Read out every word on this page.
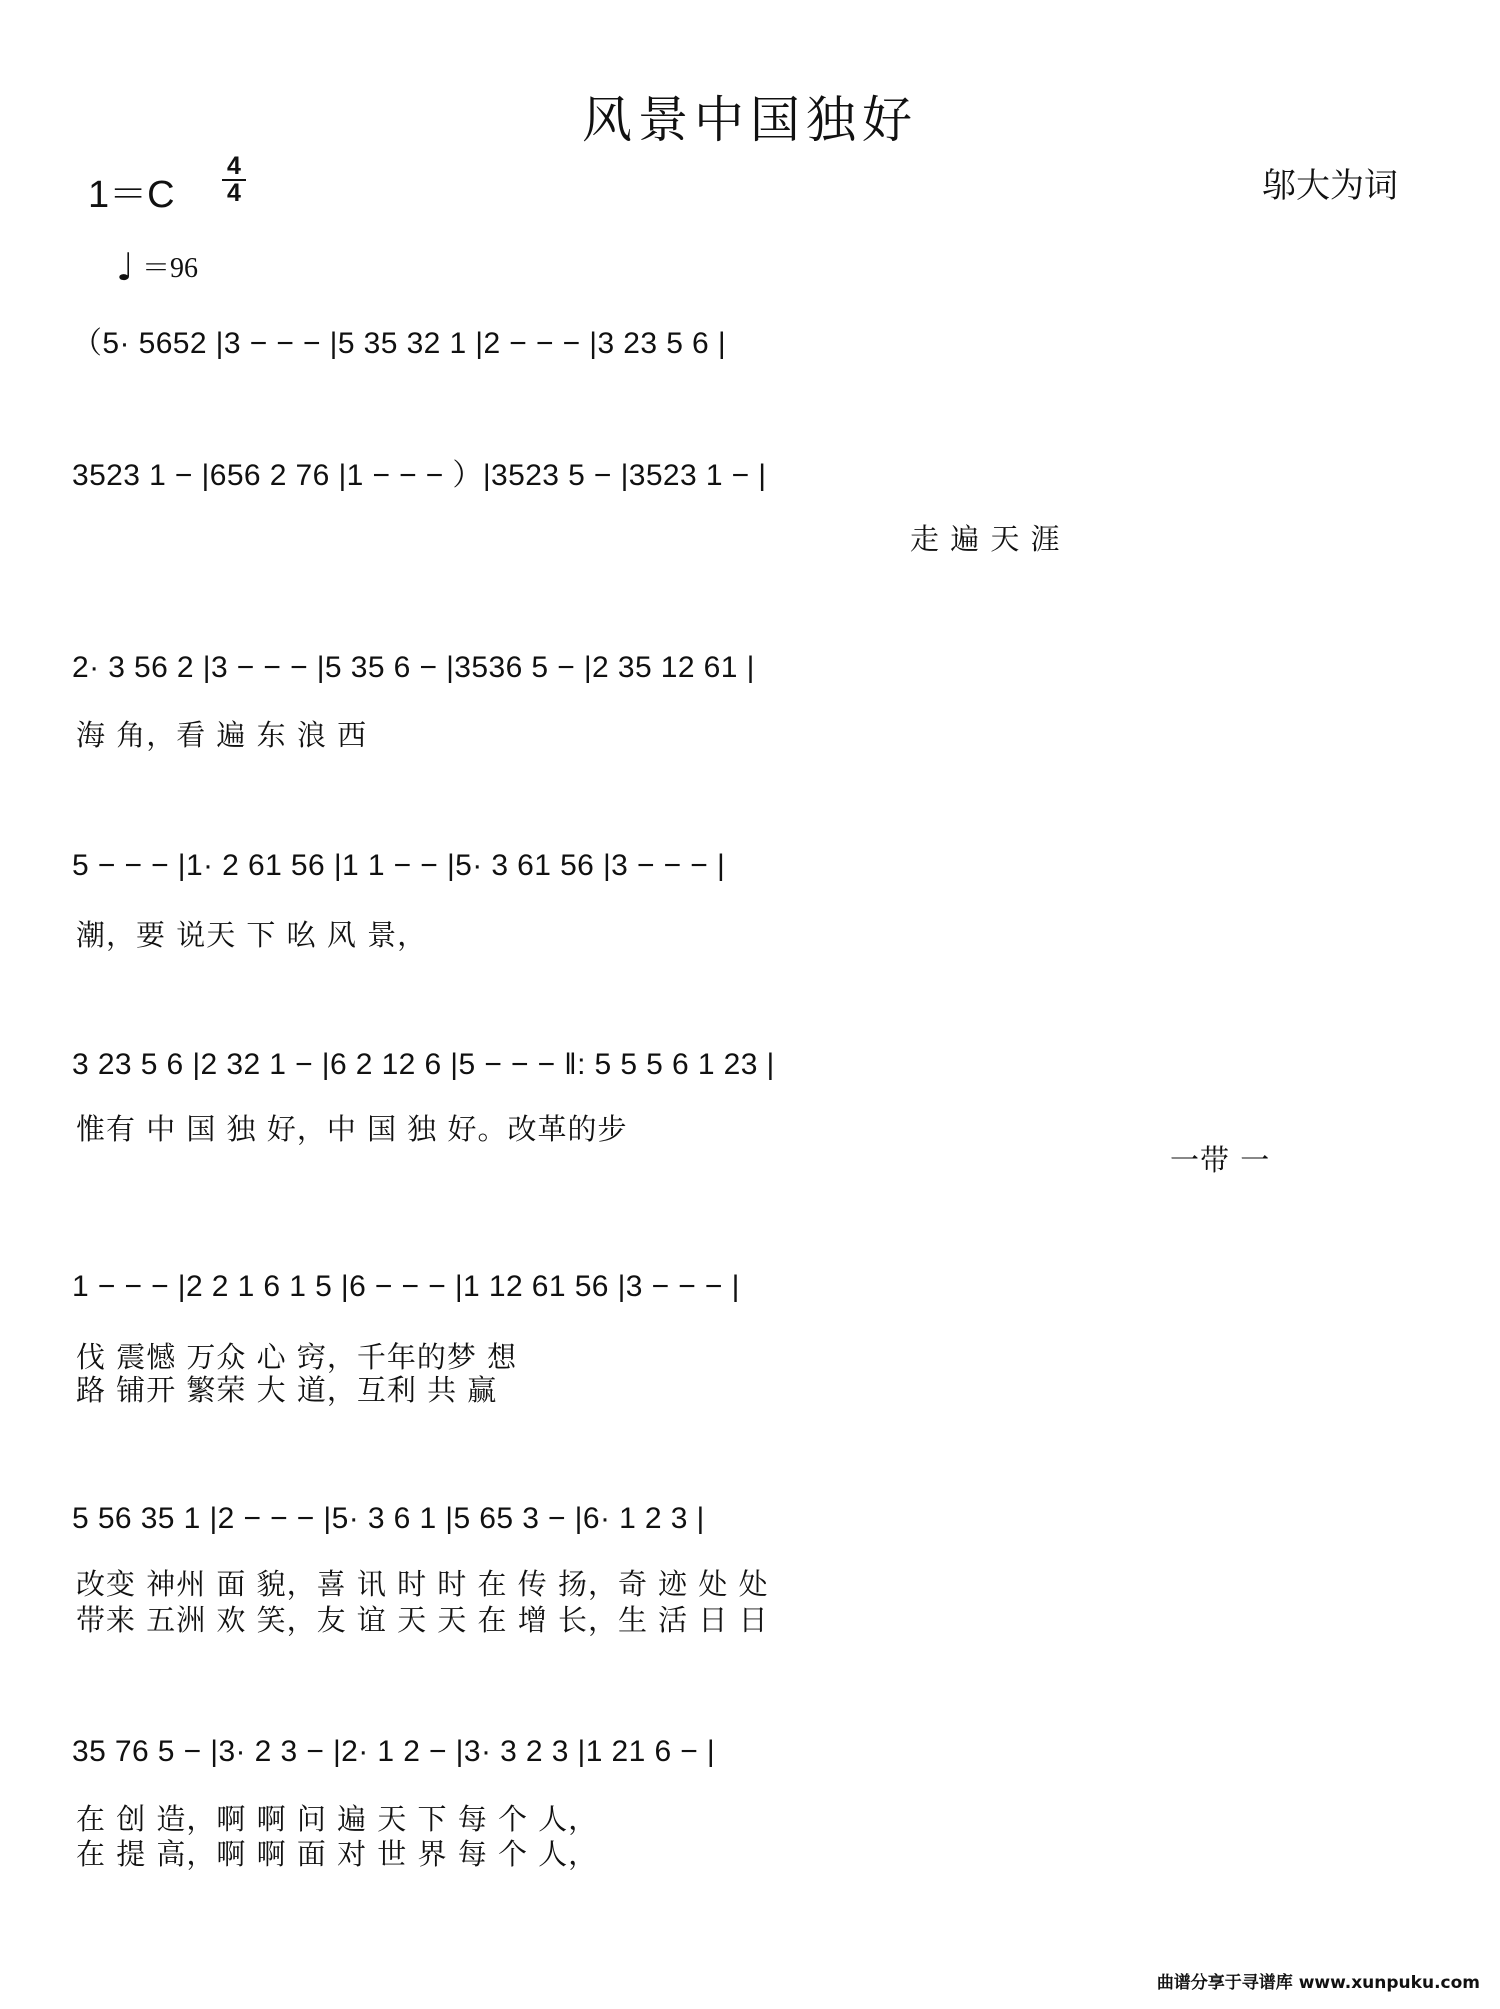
风景中国独好
1＝C
4
4	邬大为词
♩ ＝96
（5· 5652 |3 − − − |5 35 32 1 |2 − − − |3 23 5 6 |
3523 1 − |656 2 76 |1 − − − ）|3523 5 − |3523 1 − |
走 遍 天 涯
2· 3 56 2 |3 − − − |5 35 6 − |3536 5 − |2 35 12 61 |
海 角，看 遍 东 浪 西
5 − − − |1· 2 61 56 |1 1 − − |5· 3 61 56 |3 − − − |
潮，要 说天 下 吆 风 景，
3 23 5 6 |2 32 1 − |6 2 12 6 |5 − − − ‖: 5 5 5 6 1 23 |
惟有 中 国 独 好，中 国 独 好。改革的步
一带 一
1 − − − |2 2 1 6 1 5 |6 − − − |1 12 61 56 |3 − − − |
伐 震憾 万众 心 窍，千年的梦 想
路 铺开 繁荣 大 道，互利 共 赢
5 56 35 1 |2 − − − |5· 3 6 1 |5 65 3 − |6· 1 2 3 |
改变 神州 面 貌，喜 讯 时 时 在 传 扬，奇 迹 处 处
带来 五洲 欢 笑，友 谊 天 天 在 增 长，生 活 日 日
35 76 5 − |3· 2 3 − |2· 1 2 − |3· 3 2 3 |1 21 6 − |
在 创 造，啊 啊 问 遍 天 下 每 个 人，
在 提 高，啊 啊 面 对 世 界 每 个 人，
曲谱分享于寻谱库 www.xunpuku.com
